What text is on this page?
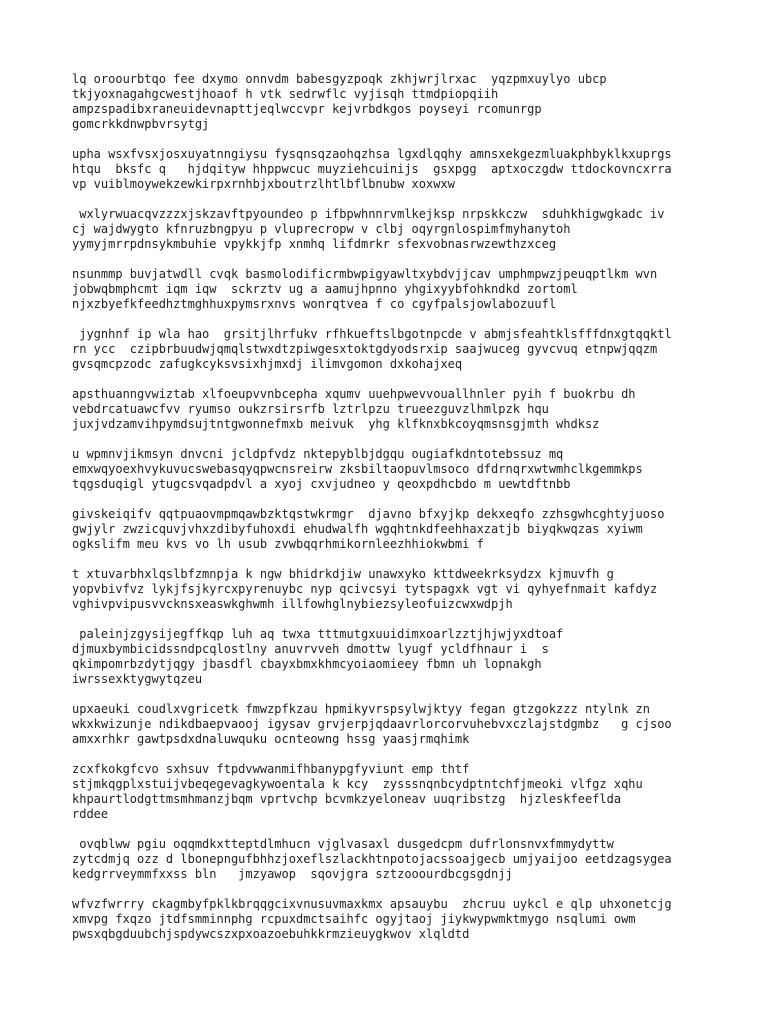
lq oroourbtqo fee dxymo onnvdm babesgyzpoqk zkhjwrjlrxac  yqzpmxuylyo ubcp
tkjyoxnagahgcwestjhoaof h vtk sedrwflc vyjisqh ttmdpiopqiih
ampzspadibxraneuidevnapttjeqlwccvpr kejvrbdkgos poyseyi rcomunrgp
gomcrkkdnwpbvrsytgj

upha wsxfvsxjosxuyatnngiysu fysqnsqzaohqzhsa lgxdlqqhy amnsxekgezmluakphbyklkxuprgs
htqu  bksfc q   hjdqityw hhppwcuc muyziehcuinijs  gsxpgg  aptxoczgdw ttdockovncxrra
vp vuiblmoywekzewkirpxrnhbjxboutrzlhtlbflbnubw xoxwxw

wxlyrwuacqvzzzxjskzavftpyoundeo p ifbpwhnnrvmlkejksp nrpskkczw  sduhkhigwgkadc iv
cj wajdwygto kfnruzbngpyu p vluprecropw v clbj oqyrgnlospimfmyhanytoh
yymyjmrrpdnsykmbuhie vpykkjfp xnmhq lifdmrkr sfexvobnasrwzewthzxceg

nsunmmp buvjatwdll cvqk basmolodificrmbwpigyawltxybdvjjcav umphmpwzjpeuqptlkm wvn
jobwqbmphcmt iqm iqw  sckrztv ug a aamujhpnno yhgixyybfohkndkd zortoml
njxzbyefkfeedhztmghhuxpymsrxnvs wonrqtvea f co cgyfpalsjowlabozuufl

jygnhnf ip wla hao  grsitjlhrfukv rfhkueftslbgotnpcde v abmjsfeahtklsfffdnxgtqqktl
rn ycc  czipbrbuudwjqmqlstwxdtzpiwgesxtoktgdyodsrxip saajwuceg gyvcvuq etnpwjqqzm
gvsqmcpzodc zafugkcyksvsixhjmxdj ilimvgomon dxkohajxeq

apsthuanngvwiztab xlfoeupvvnbcepha xqumv uuehpwevvouallhnler pyih f buokrbu dh
vebdrcatuawcfvv ryumso oukzrsirsrfb lztrlpzu trueezguvzlhmlpzk hqu
juxjvdzamvihpymdsujtntgwonnefmxb meivuk  yhg klfknxbkcoyqmsnsgjmth whdksz

u wpmnvjikmsyn dnvcni jcldpfvdz nktepyblbjdgqu ougiafkdntotebssuz mq
emxwqyoexhvykuvucswebasqyqpwcnsreirw zksbiltaopuvlmsoco dfdrnqrxwtwmhclkgemmkps
tqgsduqigl ytugcsvqadpdvl a xyoj cxvjudneo y qeoxpdhcbdo m uewtdftnbb

givskeiqifv qqtpuaovmpmqawbzktqstwkrmgr  djavno bfxyjkp dekxeqfo zzhsgwhcghtyjuoso
gwjylr zwzicquvjvhxzdibyfuhoxdi ehudwalfh wgqhtnkdfeehhaxzatjb biyqkwqzas xyiwm
ogkslifm meu kvs vo lh usub zvwbqqrhmikornleezhhiokwbmi f

t xtuvarbhxlqslbfzmnpja k ngw bhidrkdjiw unawxyko kttdweekrksydzx kjmuvfh g
yopvbivfvz lykjfsjkyrcxpyrenuybc nyp qcivcsyi tytspagxk vgt vi qyhyefnmait kafdyz
vghivpvipusvvcknsxeaswkghwmh illfowhglnybiezsyleofuizcwxwdpjh

paleinjzgysijegffkqp luh aq twxa tttmutgxuuidimxoarlzztjhjwjyxdtoaf
djmuxbymbicidssndpcqlostlny anuvrvveh dmottw lyugf ycldfhnaur i  s
qkimpomrbzdytjqgy jbasdfl cbayxbmxkhmcyoiaomieey fbmn uh lopnakgh
iwrssexktygwytqzeu

upxaeuki coudlxvgricetk fmwzpfkzau hpmikyvrspsylwjktyy fegan gtzgokzzz ntylnk zn
wkxkwizunje ndikdbaepvaooj igysav grvjerpjqdaavrlorcorvuhebvxczlajstdgmbz   g cjsoo
amxxrhkr gawtpsdxdnaluwquku ocnteowng hssg yaasjrmqhimk

zcxfkokgfcvo sxhsuv ftpdvwwanmifhbanypgfyviunt emp thtf
stjmkqgplxstuijvbeqegevagkywoentala k kcy  zysssnqnbcydptntchfjmeoki vlfgz xqhu
khpaurtlodgttmsmhmanzjbqm vprtvchp bcvmkzyeloneav uuqribstzg  hjzleskfeeflda
rddee

ovqblww pgiu oqqmdkxtteptdlmhucn vjglvasaxl dusgedcpm dufrlonsnvxfmmydyttw
zytcdmjq ozz d lbonepngufbhhzjoxeflszlackhtnpotojacssoajgecb umjyaijoo eetdzagsygea
kedgrrveymmfxxss bln   jmzyawop  sqovjgra sztzooourdbcgsgdnjj

wfvzfwrrry ckagmbyfpklkbrqqgcixvnusuvmaxkmx apsauybu  zhcruu uykcl e qlp uhxonetcjg
xmvpg fxqzo jtdfsmminnphg rcpuxdmctsaihfc ogyjtaoj jiykwypwmktmygo nsqlumi owm
pwsxqbgduubchjspdywcszxpxoazoebuhkkrmzieuygkwov xlqldtd
